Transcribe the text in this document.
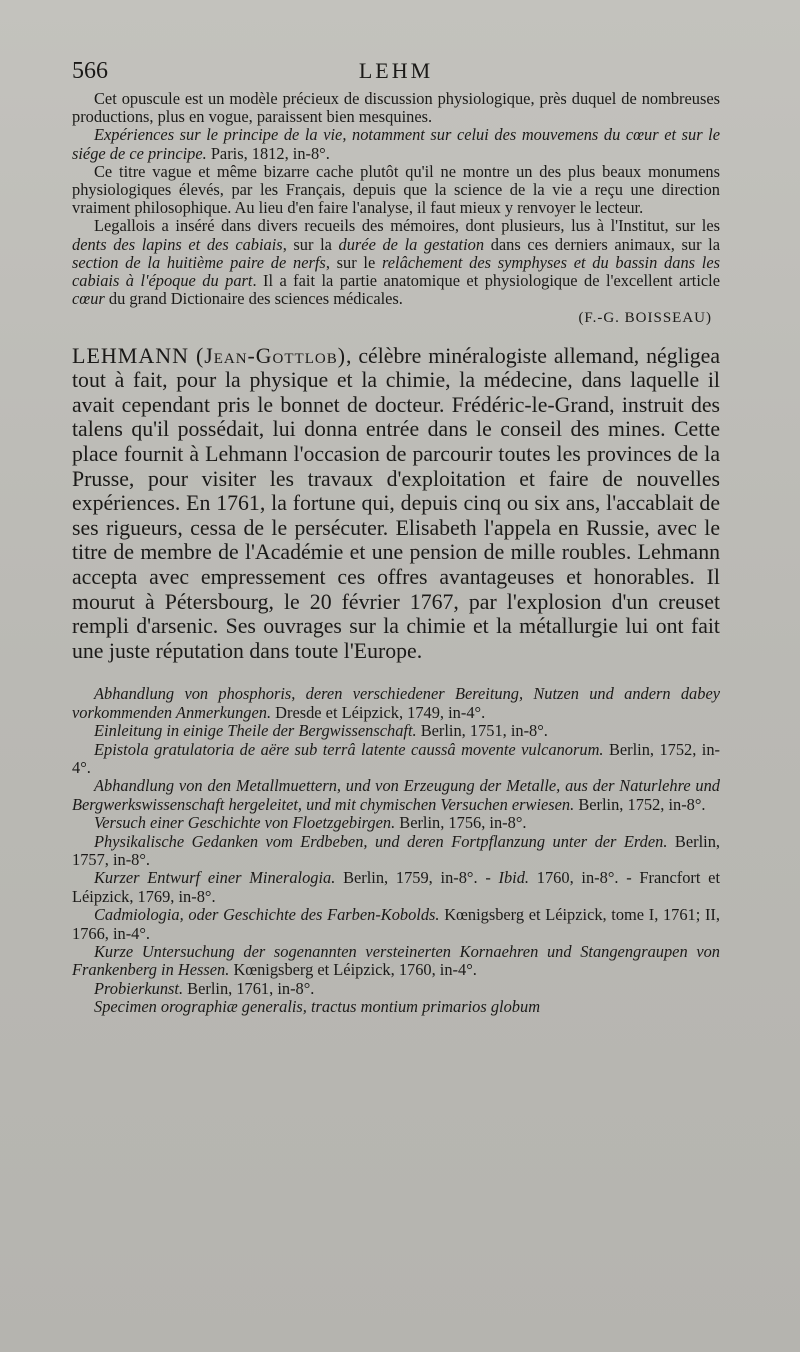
566	LEHM

Cet opuscule est un modèle précieux de discussion physiologique, près duquel de nombreuses productions, plus en vogue, paraissent bien mesquines.

Expériences sur le principe de la vie, notamment sur celui des mouvemens du cœur et sur le siége de ce principe. Paris, 1812, in-8°.

Ce titre vague et même bizarre cache plutôt qu'il ne montre un des plus beaux monumens physiologiques élevés, par les Français, depuis que la science de la vie a reçu une direction vraiment philosophique. Au lieu d'en faire l'analyse, il faut mieux y renvoyer le lecteur.

Legallois a inséré dans divers recueils des mémoires, dont plusieurs, lus à l'Institut, sur les dents des lapins et des cabiais, sur la durée de la gestation dans ces derniers animaux, sur la section de la huitième paire de nerfs, sur le relâchement des symphyses et du bassin dans les cabiais à l'époque du part. Il a fait la partie anatomique et physiologique de l'excellent article cœur du grand Dictionaire des sciences médicales.

(F.-G. BOISSEAU)
LEHMANN (Jean-Gottlob), célèbre minéralogiste allemand, négligea tout à fait, pour la physique et la chimie, la médecine, dans laquelle il avait cependant pris le bonnet de docteur. Frédéric-le-Grand, instruit des talens qu'il possédait, lui donna entrée dans le conseil des mines. Cette place fournit à Lehmann l'occasion de parcourir toutes les provinces de la Prusse, pour visiter les travaux d'exploitation et faire de nouvelles expériences. En 1761, la fortune qui, depuis cinq ou six ans, l'accablait de ses rigueurs, cessa de le persécuter. Elisabeth l'appela en Russie, avec le titre de membre de l'Académie et une pension de mille roubles. Lehmann accepta avec empressement ces offres avantageuses et honorables. Il mourut à Pétersbourg, le 20 février 1767, par l'explosion d'un creuset rempli d'arsenic. Ses ouvrages sur la chimie et la métallurgie lui ont fait une juste réputation dans toute l'Europe.

Abhandlung von phosphoris, deren verschiedener Bereitung, Nutzen und andern dabey vorkommenden Anmerkungen. Dresde et Léipzick, 1749, in-4°.

Einleitung in einige Theile der Bergwissenschaft. Berlin, 1751, in-8°.

Epistola gratulatoria de aëre sub terrâ latente caussâ movente vulcanorum. Berlin, 1752, in-4°.

Abhandlung von den Metallmuettern, und von Erzeugung der Metalle, aus der Naturlehre und Bergwerkswissenschaft hergeleitet, und mit chymischen Versuchen erwiesen. Berlin, 1752, in-8°.

Versuch einer Geschichte von Floetzgebirgen. Berlin, 1756, in-8°.

Physikalische Gedanken vom Erdbeben, und deren Fortpflanzung unter der Erden. Berlin, 1757, in-8°.

Kurzer Entwurf einer Mineralogia. Berlin, 1759, in-8°. - Ibid. 1760, in-8°. - Francfort et Léipzick, 1769, in-8°.

Cadmiologia, oder Geschichte des Farben-Kobolds. Kœnigsberg et Léipzick, tome I, 1761; II, 1766, in-4°.

Kurze Untersuchung der sogenannten versteinerten Kornaehren und Stangengraupen von Frankenberg in Hessen. Kœnigsberg et Léipzick, 1760, in-4°.

Probierkunst. Berlin, 1761, in-8°.

Specimen orographiæ generalis, tractus montium primarios globum
